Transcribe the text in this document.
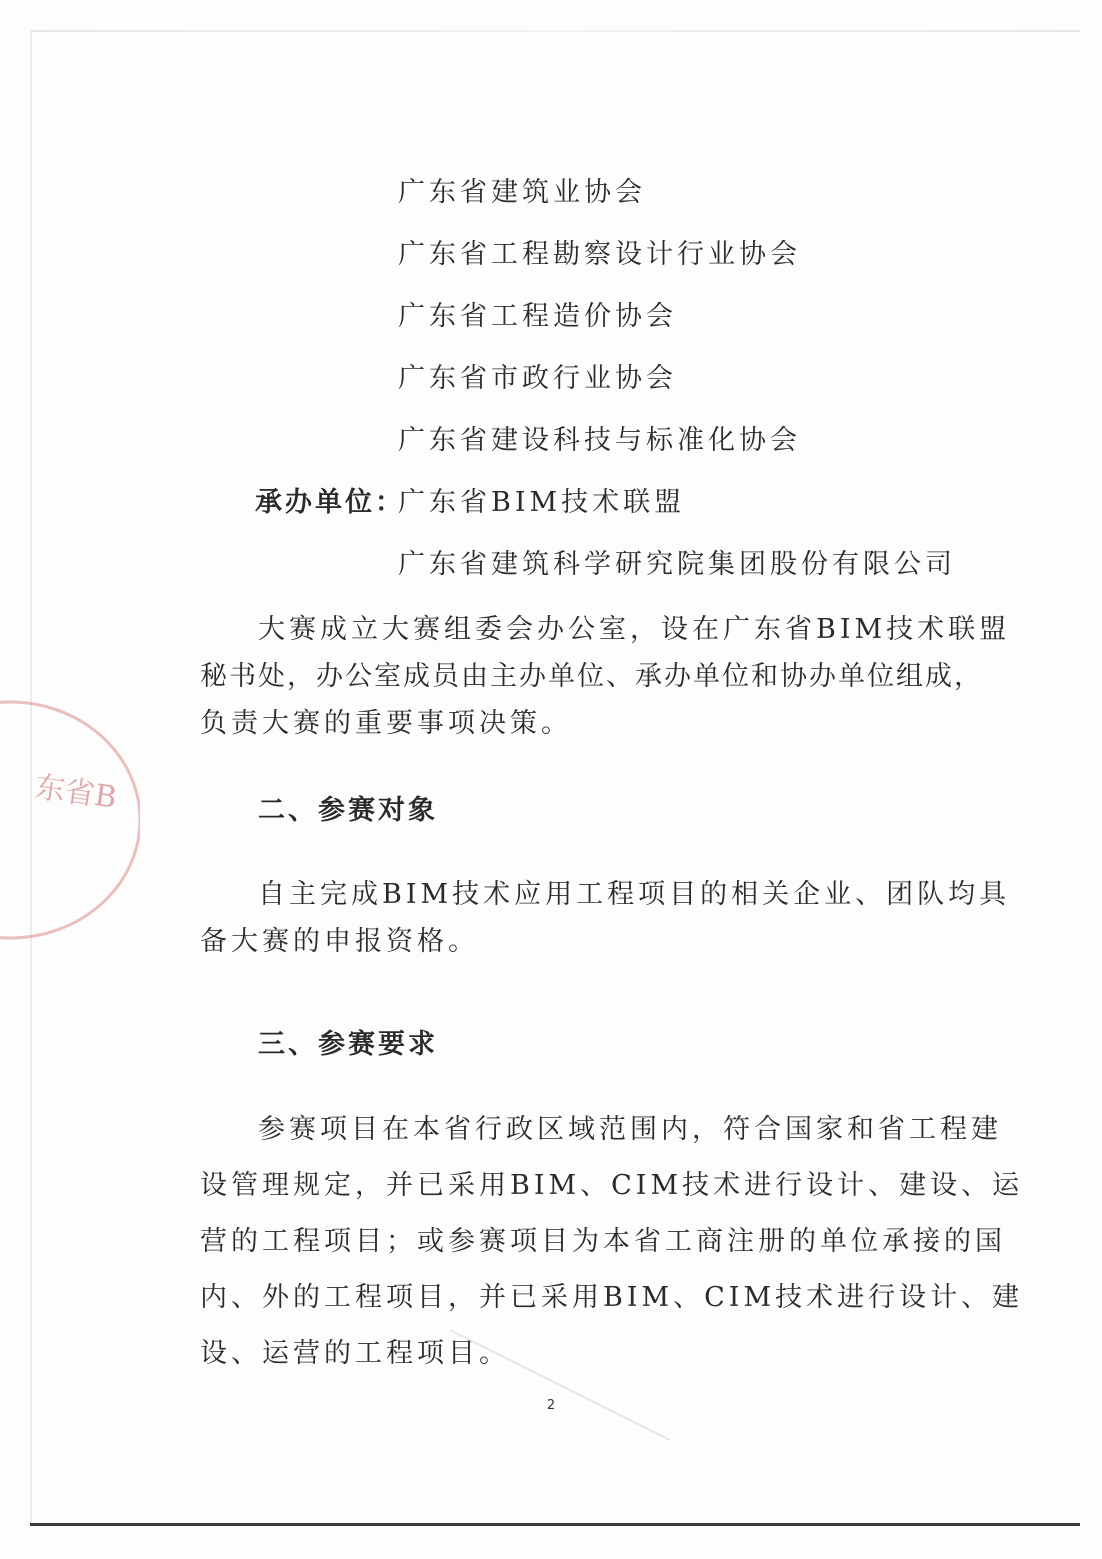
东省B
广东省建筑业协会
广东省工程勘察设计行业协会
广东省工程造价协会
广东省市政行业协会
广东省建设科技与标准化协会
承办单位：
广东省BIM技术联盟
广东省建筑科学研究院集团股份有限公司
大赛成立大赛组委会办公室，设在广东省BIM技术联盟
秘书处，办公室成员由主办单位、承办单位和协办单位组成，
负责大赛的重要事项决策。
二、参赛对象
自主完成BIM技术应用工程项目的相关企业、团队均具
备大赛的申报资格。
三、参赛要求
参赛项目在本省行政区域范围内，符合国家和省工程建
设管理规定，并已采用BIM、CIM技术进行设计、建设、运
营的工程项目；或参赛项目为本省工商注册的单位承接的国
内、外的工程项目，并已采用BIM、CIM技术进行设计、建
设、运营的工程项目。
2
